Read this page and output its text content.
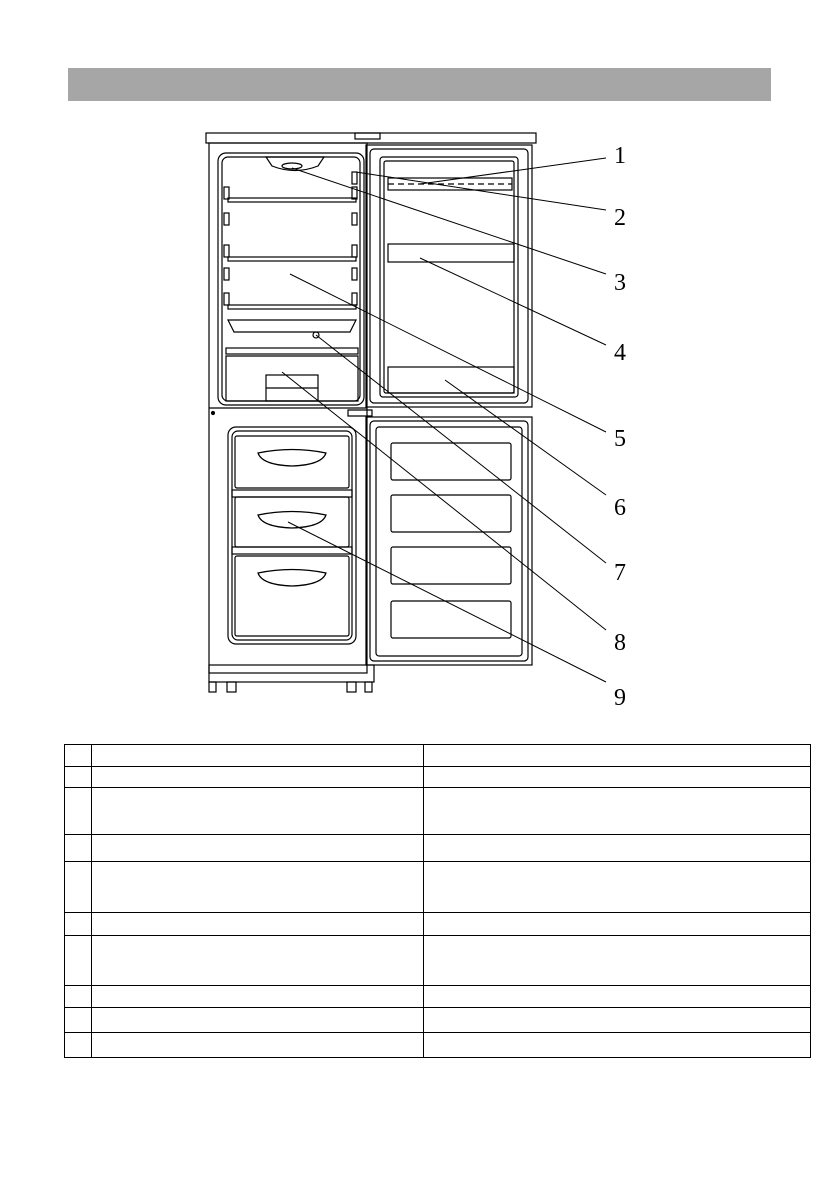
1
2
3
4
5
6
7
8
9
